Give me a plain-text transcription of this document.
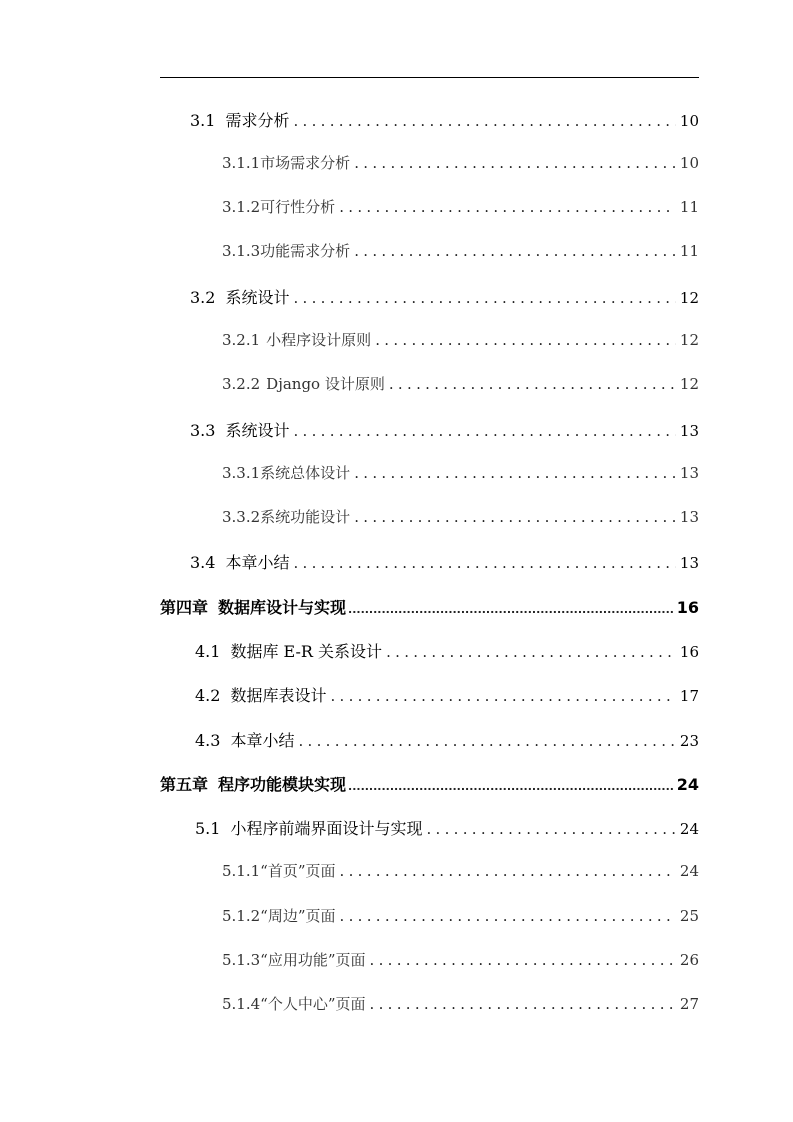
3.1 需求分析 .....	10
3.1.1 市场需求分析 .....	10
3.1.2 可行性分析 .....	11
3.1.3 功能需求分析 .....	11
3.2 系统设计 .....	12
3.2.1 小程序设计原则 .....	12
3.2.2 Django 设计原则 .....	12
3.3 系统设计 .....	13
3.3.1 系统总体设计 .....	13
3.3.2 系统功能设计 .....	13
3.4 本章小结 .....	13
第四章 数据库设计与实现 .....	16
4.1 数据库 E-R 关系设计 .....	16
4.2 数据库表设计 .....	17
4.3 本章小结 .....	23
第五章 程序功能模块实现 .....	24
5.1 小程序前端界面设计与实现 .....	24
5.1.1 “首页”页面 .....	24
5.1.2 “周边”页面 .....	25
5.1.3 “应用功能”页面 .....	26
5.1.4 “个人中心”页面 .....	27
